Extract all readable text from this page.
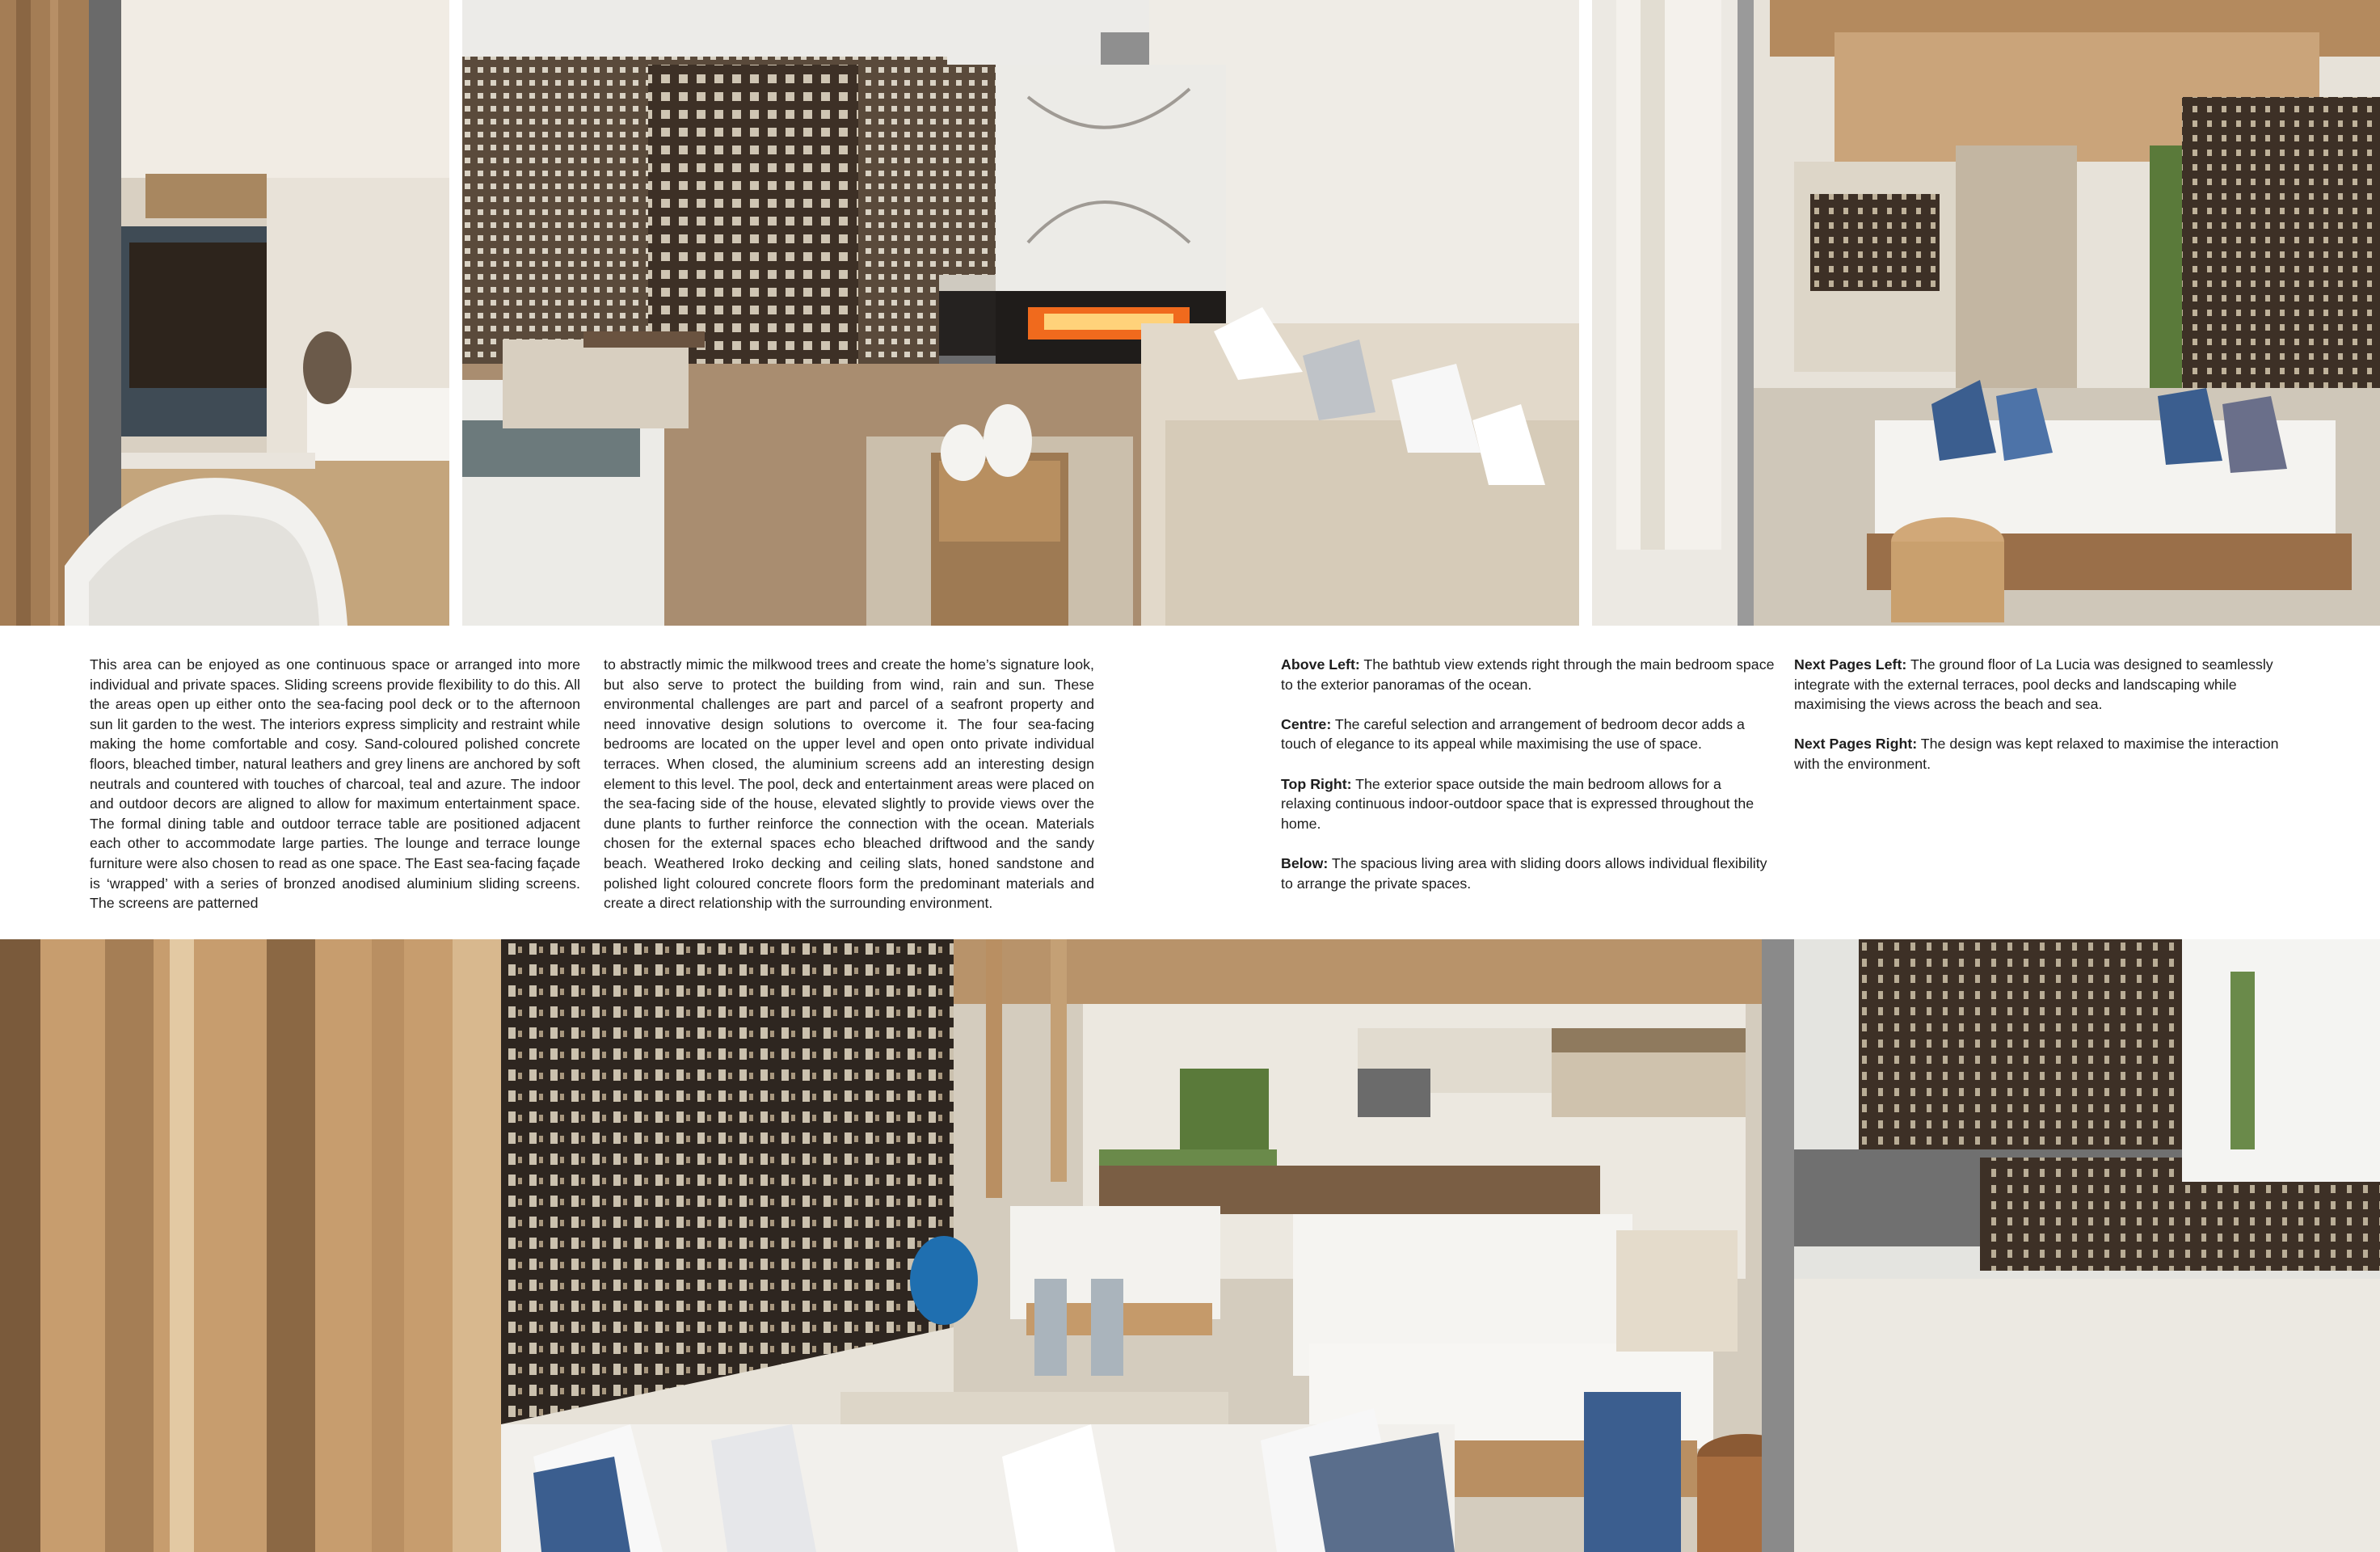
This area can be enjoyed as one continuous space or arranged into more individual and private spaces. Sliding screens provide flexibility to do this. All the areas open up either onto the sea-facing pool deck or to the afternoon sun lit garden to the west. The interiors express simplicity and restraint while making the home comfortable and cosy. Sand-coloured polished concrete floors, bleached timber, natural leathers and grey linens are anchored by soft neutrals and countered with touches of charcoal, teal and azure. The indoor and outdoor decors are aligned to allow for maximum entertainment space. The formal dining table and outdoor terrace table are positioned adjacent each other to accommodate large parties. The lounge and terrace lounge furniture were also chosen to read as one space. The East sea-facing façade is ‘wrapped’ with a series of bronzed anodised aluminium sliding screens. The screens are patterned
to abstractly mimic the milkwood trees and create the home’s signature look, but also serve to protect the building from wind, rain and sun. These environmental challenges are part and parcel of a seafront property and need innovative design solutions to overcome it. The four sea-facing bedrooms are located on the upper level and open onto private individual terraces. When closed, the aluminium screens add an interesting design element to this level. The pool, deck and entertainment areas were placed on the sea-facing side of the house, elevated slightly to provide views over the dune plants to further reinforce the connection with the ocean. Materials chosen for the external spaces echo bleached driftwood and the sandy beach. Weathered Iroko decking and ceiling slats, honed sandstone and polished light coloured concrete floors form the predominant materials and create a direct relationship with the surrounding environment.

Above Left: The bathtub view extends right through the main bedroom space to the exterior panoramas of the ocean.

Centre: The careful selection and arrangement of bedroom decor adds a touch of elegance to its appeal while maximising the use of space.

Top Right: The exterior space outside the main bedroom allows for a relaxing continuous indoor-outdoor space that is expressed throughout the home.

Below: The spacious living area with sliding doors allows individual flexibility to arrange the private spaces.

Next Pages Left: The ground floor of La Lucia was designed to seamlessly integrate with the external terraces, pool decks and landscaping while maximising the views across the beach and sea.

Next Pages Right: The design was kept relaxed to maximise the interaction with the environment.
